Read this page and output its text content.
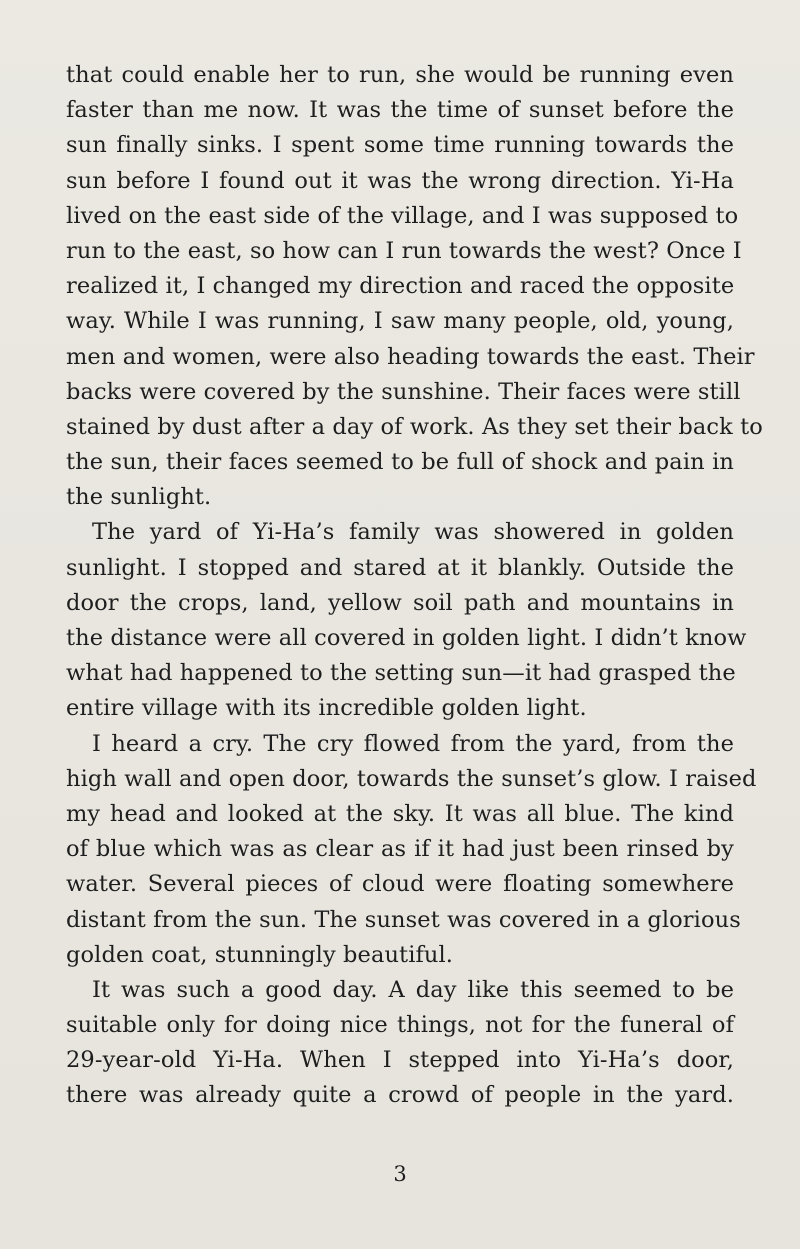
that could enable her to run, she would be running even
faster than me now. It was the time of sunset before the
sun finally sinks. I spent some time running towards the
sun before I found out it was the wrong direction. Yi-Ha
lived on the east side of the village, and I was supposed to
run to the east, so how can I run towards the west? Once I
realized it, I changed my direction and raced the opposite
way. While I was running, I saw many people, old, young,
men and women, were also heading towards the east. Their
backs were covered by the sunshine. Their faces were still
stained by dust after a day of work. As they set their back to
the sun, their faces seemed to be full of shock and pain in
the sunlight.
The yard of Yi-Ha’s family was showered in golden
sunlight. I stopped and stared at it blankly. Outside the
door the crops, land, yellow soil path and mountains in
the distance were all covered in golden light. I didn’t know
what had happened to the setting sun—it had grasped the
entire village with its incredible golden light.
I heard a cry. The cry flowed from the yard, from the
high wall and open door, towards the sunset’s glow. I raised
my head and looked at the sky. It was all blue. The kind
of blue which was as clear as if it had just been rinsed by
water. Several pieces of cloud were floating somewhere
distant from the sun. The sunset was covered in a glorious
golden coat, stunningly beautiful.
It was such a good day. A day like this seemed to be
suitable only for doing nice things, not for the funeral of
29-year-old Yi-Ha. When I stepped into Yi-Ha’s door,
there was already quite a crowd of people in the yard.
3
